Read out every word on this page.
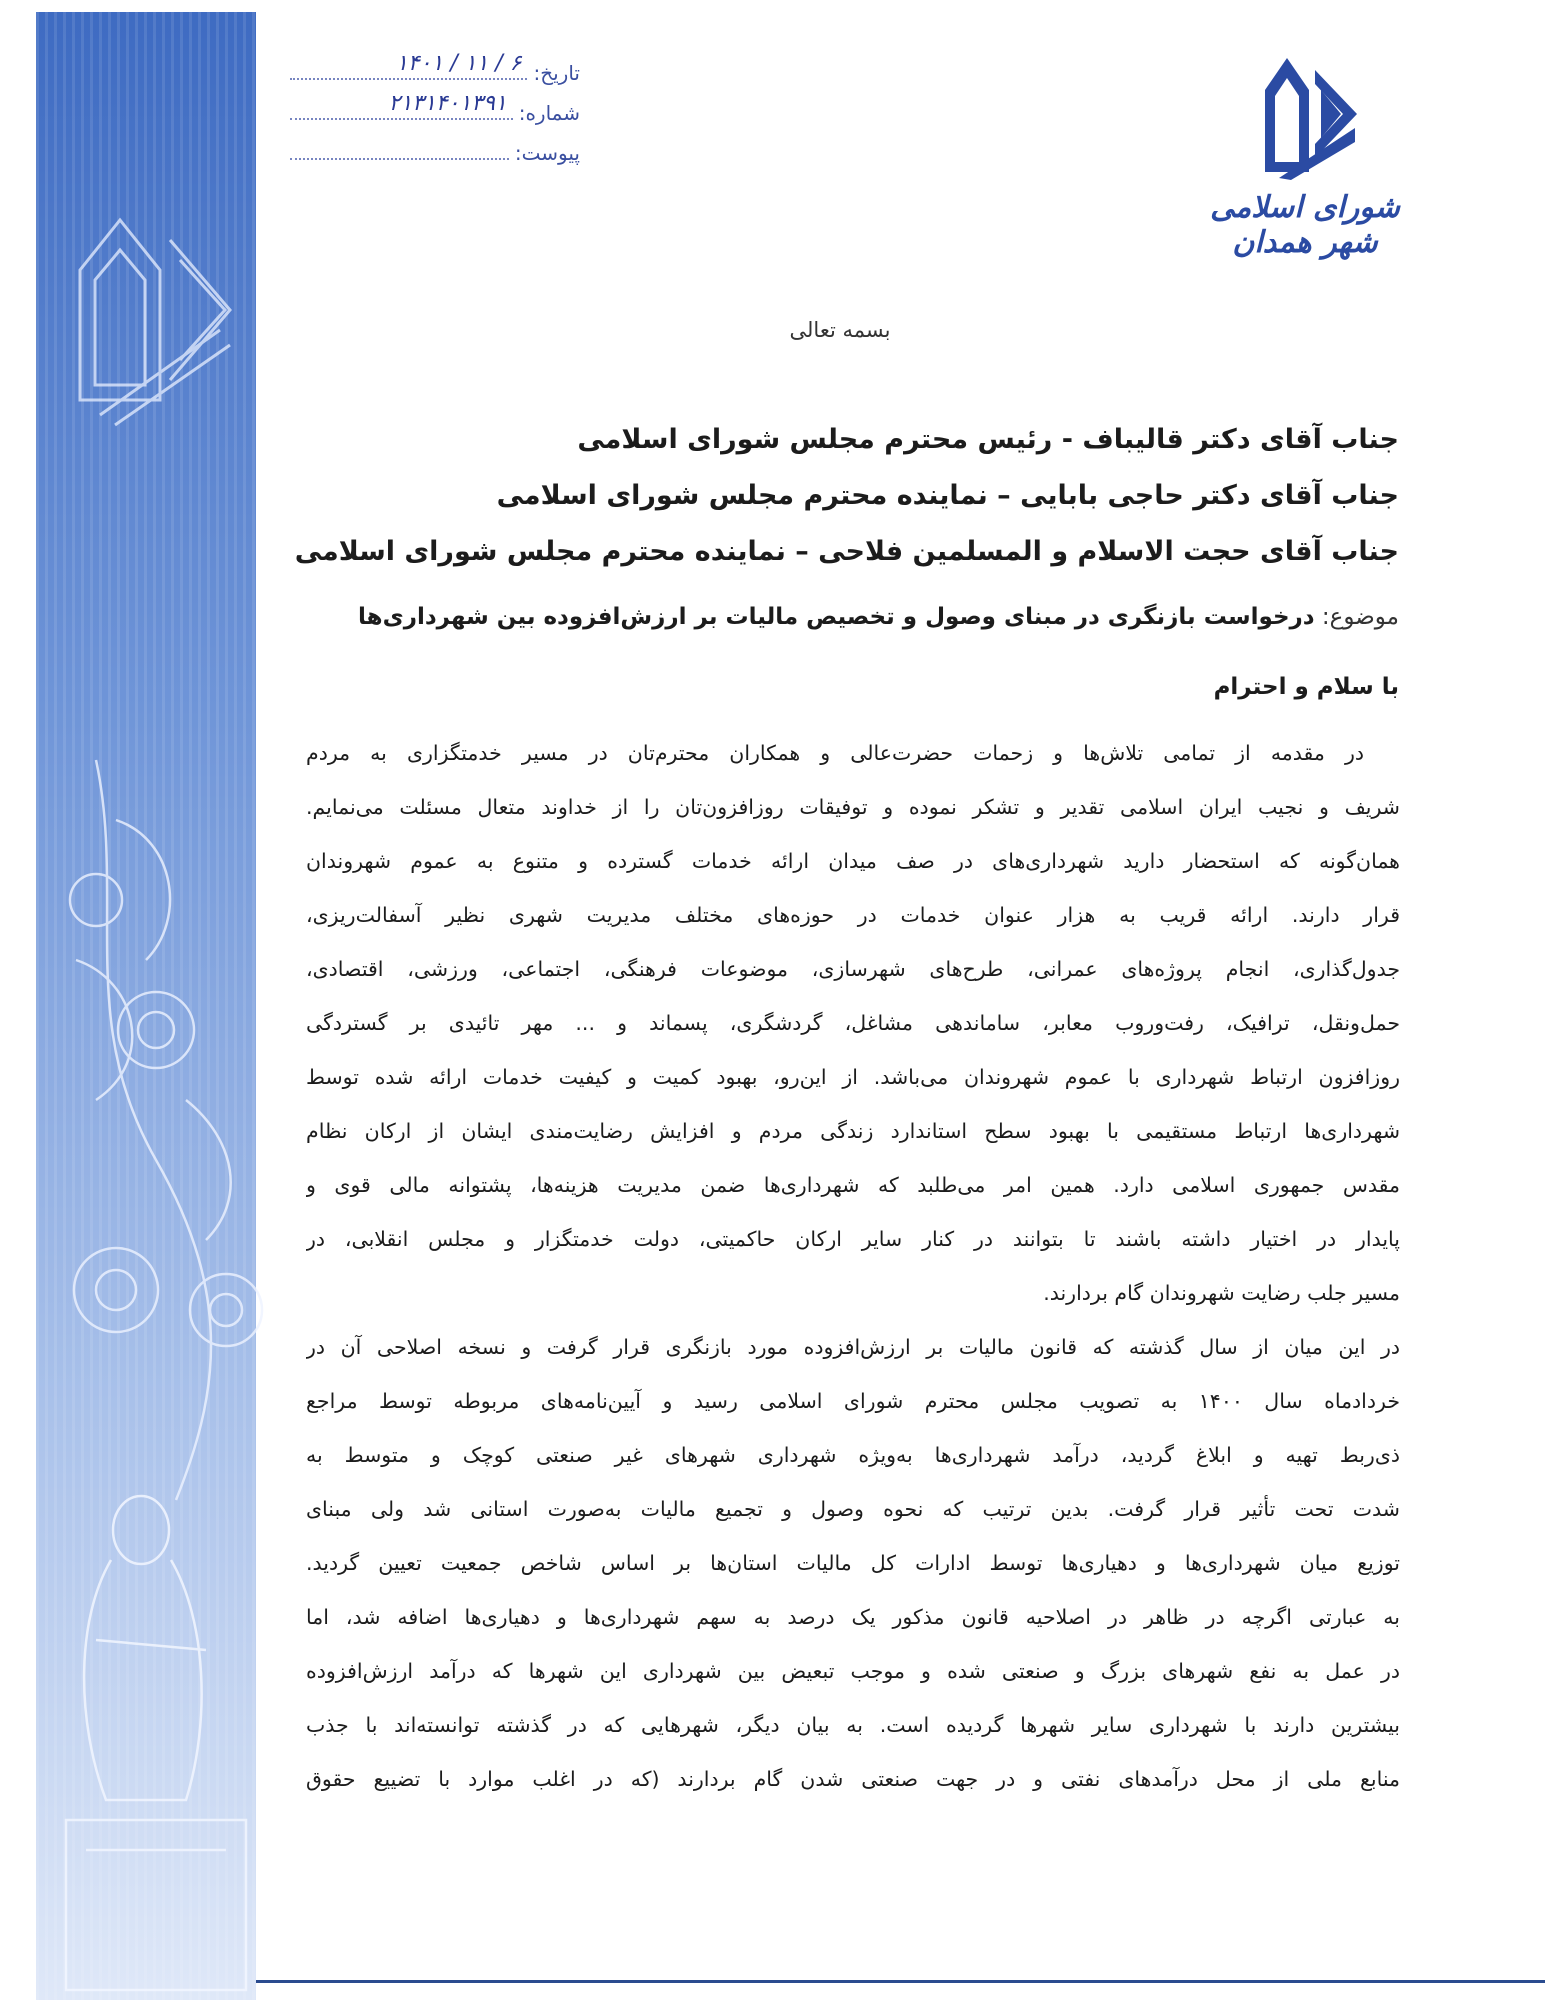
تاریخ:
۱۴۰۱ / ۱۱ / ۶
شماره:
۲۱۳۱۴۰۱۳۹۱
پیوست:
شورای اسلامی شهر همدان
بسمه تعالی
جناب آقای دکتر قالیباف - رئیس محترم مجلس شورای اسلامی
جناب آقای دکتر حاجی بابایی – نماینده محترم مجلس شورای اسلامی
جناب آقای حجت الاسلام و المسلمین فلاحی – نماینده محترم مجلس شورای اسلامی
موضوع: درخواست بازنگری در مبنای وصول و تخصیص مالیات بر ارزش‌افزوده بین شهرداری‌ها
با سلام و احترام
در مقدمه از تمامی تلاش‌ها و زحمات حضرت‌عالی و همکاران محترم‌تان در مسیر خدمتگزاری به مردم
شریف و نجیب ایران اسلامی تقدیر و تشکر نموده و توفیقات روزافزون‌تان را از خداوند متعال مسئلت می‌نمایم.
همان‌گونه که استحضار دارید شهرداری‌های در صف میدان ارائه خدمات گسترده و متنوع به عموم شهروندان
قرار دارند. ارائه قریب به هزار عنوان خدمات در حوزه‌های مختلف مدیریت شهری نظیر آسفالت‌ریزی،
جدول‌گذاری، انجام پروژه‌های عمرانی، طرح‌های شهرسازی، موضوعات فرهنگی، اجتماعی، ورزشی، اقتصادی،
حمل‌ونقل، ترافیک، رفت‌وروب معابر، ساماندهی مشاغل، گردشگری، پسماند و ... مهر تائیدی بر گستردگی
روزافزون ارتباط شهرداری با عموم شهروندان می‌باشد. از این‌رو، بهبود کمیت و کیفیت خدمات ارائه شده توسط
شهرداری‌ها ارتباط مستقیمی با بهبود سطح استاندارد زندگی مردم و افزایش رضایت‌مندی ایشان از ارکان نظام
مقدس جمهوری اسلامی دارد. همین امر می‌طلبد که شهرداری‌ها ضمن مدیریت هزینه‌ها، پشتوانه مالی قوی و
پایدار در اختیار داشته باشند تا بتوانند در کنار سایر ارکان حاکمیتی، دولت خدمتگزار و مجلس انقلابی، در
مسیر جلب رضایت شهروندان گام بردارند.
در این میان از سال گذشته که قانون مالیات بر ارزش‌افزوده مورد بازنگری قرار گرفت و نسخه اصلاحی آن در
خردادماه سال ۱۴۰۰ به تصویب مجلس محترم شورای اسلامی رسید و آیین‌نامه‌های مربوطه توسط مراجع
ذی‌ربط تهیه و ابلاغ گردید، درآمد شهرداری‌ها به‌ویژه شهرداری شهرهای غیر صنعتی کوچک و متوسط به
شدت تحت تأثیر قرار گرفت. بدین ترتیب که نحوه وصول و تجمیع مالیات به‌صورت استانی شد ولی مبنای
توزیع میان شهرداری‌ها و دهیاری‌ها توسط ادارات کل مالیات استان‌ها بر اساس شاخص جمعیت تعیین گردید.
به عبارتی اگرچه در ظاهر در اصلاحیه قانون مذکور یک درصد به سهم شهرداری‌ها و دهیاری‌ها اضافه شد، اما
در عمل به نفع شهرهای بزرگ و صنعتی شده و موجب تبعیض بین شهرداری این شهرها که درآمد ارزش‌افزوده
بیشترین دارند با شهرداری سایر شهرها گردیده است. به بیان دیگر، شهرهایی که در گذشته توانسته‌اند با جذب
منابع ملی از محل درآمدهای نفتی و در جهت صنعتی شدن گام بردارند (که در اغلب موارد با تضییع حقوق
